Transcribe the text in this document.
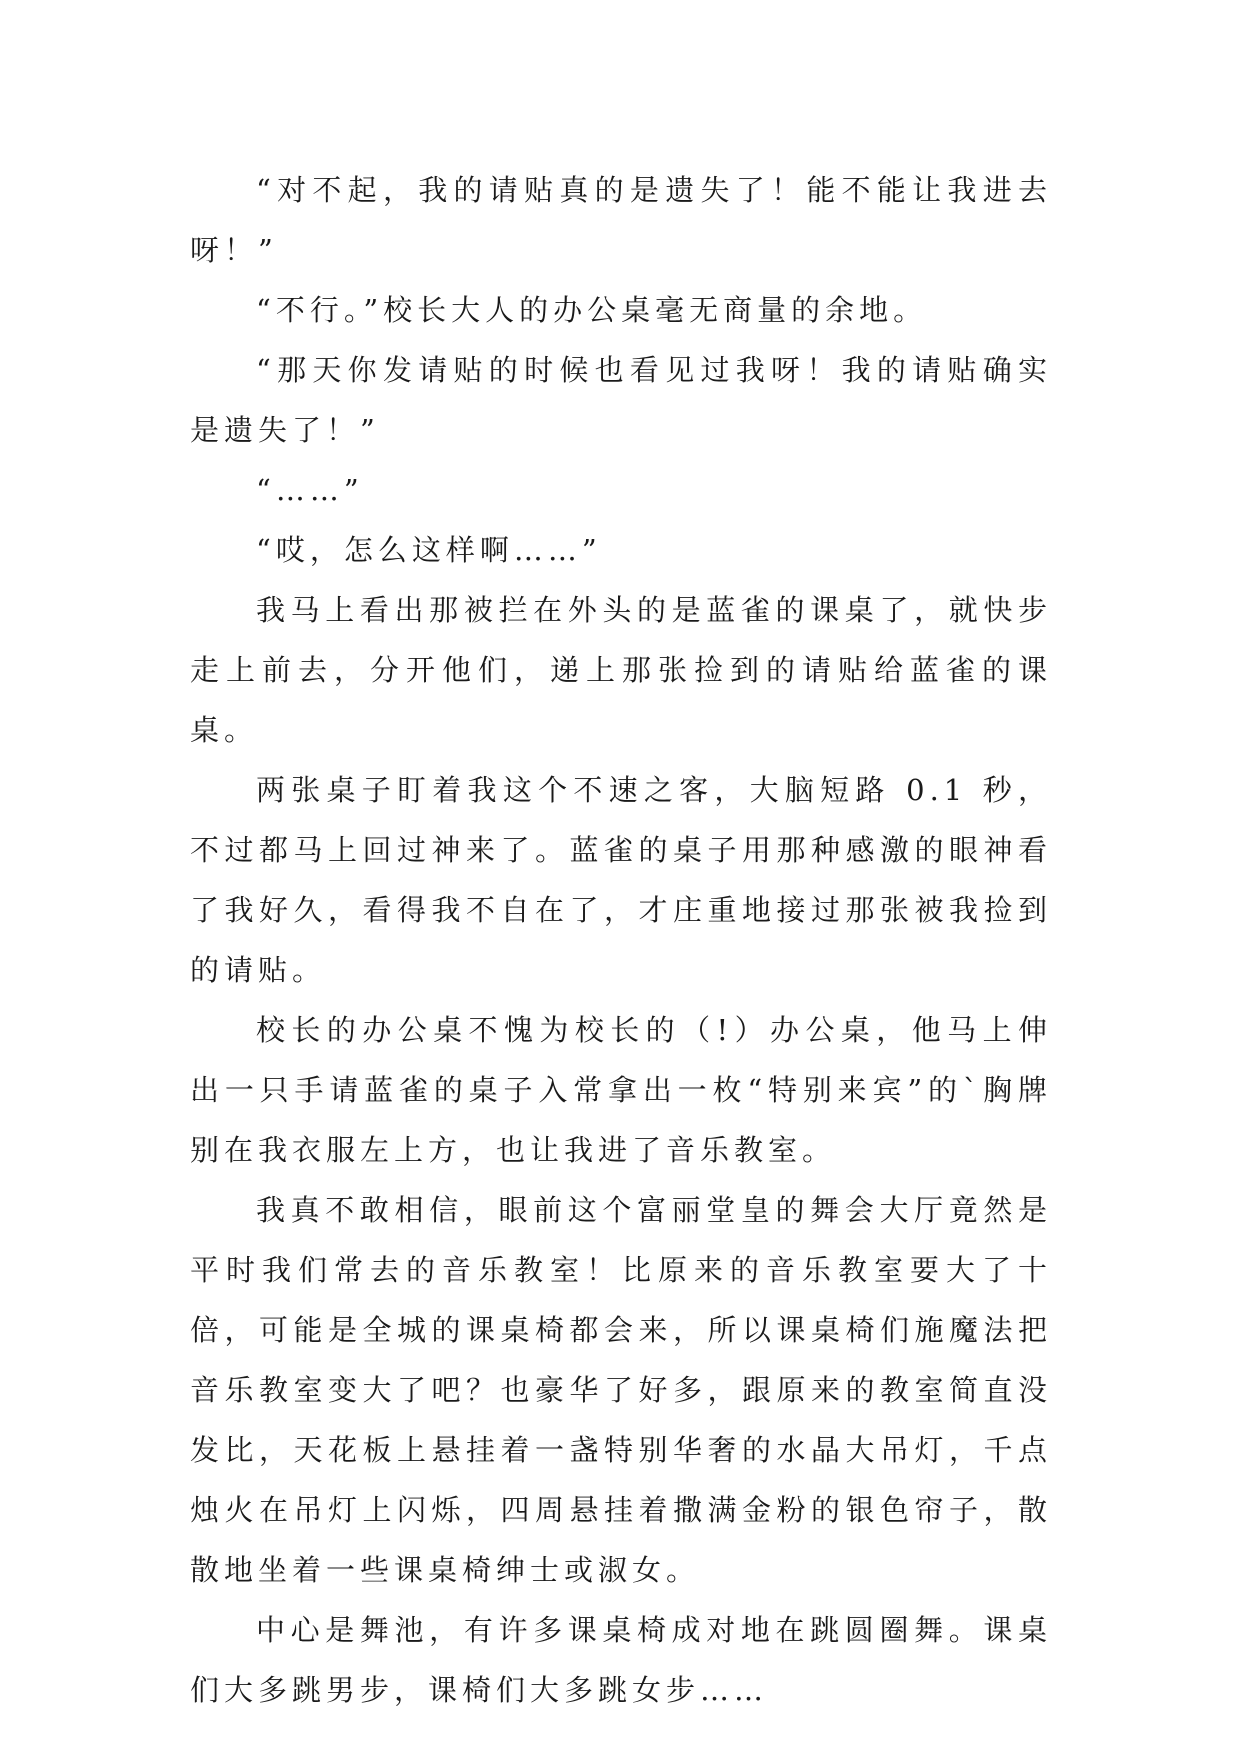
“对不起，我的请贴真的是遗失了！能不能让我进去呀！”

“不行。”校长大人的办公桌毫无商量的余地。

“那天你发请贴的时候也看见过我呀！我的请贴确实是遗失了！”

“……”

“哎，怎么这样啊……”

我马上看出那被拦在外头的是蓝雀的课桌了，就快步走上前去，分开他们，递上那张捡到的请贴给蓝雀的课桌。

两张桌子盯着我这个不速之客，大脑短路 0.1 秒，不过都马上回过神来了。蓝雀的桌子用那种感激的眼神看了我好久，看得我不自在了，才庄重地接过那张被我捡到的请贴。

校长的办公桌不愧为校长的（!）办公桌，他马上伸出一只手请蓝雀的桌子入常拿出一枚“特别来宾”的`胸牌别在我衣服左上方，也让我进了音乐教室。

我真不敢相信，眼前这个富丽堂皇的舞会大厅竟然是平时我们常去的音乐教室！比原来的音乐教室要大了十倍，可能是全城的课桌椅都会来，所以课桌椅们施魔法把音乐教室变大了吧？也豪华了好多，跟原来的教室简直没发比，天花板上悬挂着一盏特别华奢的水晶大吊灯，千点烛火在吊灯上闪烁，四周悬挂着撒满金粉的银色帘子，散散地坐着一些课桌椅绅士或淑女。

中心是舞池，有许多课桌椅成对地在跳圆圈舞。课桌们大多跳男步，课椅们大多跳女步……
